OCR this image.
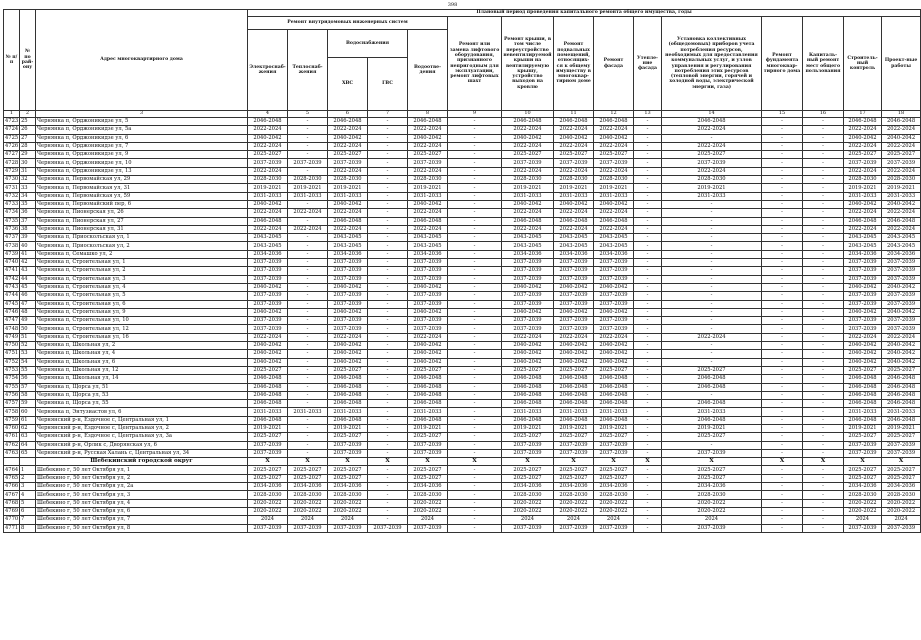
398
№ п/п	№ по рай-ону	Адрес многоквартирного дома	Плановый период проведения капитального ремонта общего имущества, годы														
			Ремонт внутридомовых инженерных систем					Ремонт или замена лифтового оборудования, признанного непригодным для эксплуатации, ремонт лифтовых шахт	Ремонт крыши, в том числе переустройство невентилируемой крыши на вентилируемую крышу, устройство выходов на кровлю	Ремонт подвальных помещений, относящих-ся к общему имуществу в многоквар-тирном доме	Ремонт фасада	Утепле-ние фасада	Установка коллективных (общедомовых) приборов учета потребления ресурсов, необходимых для предоставления коммунальных услуг, и узлов управления и регулирования потребления этих ресурсов (тепловой энергии, горячей и холодной воды, электрической энергии, газа)	Ремонт фундамента многоквар-тирного дома	Капиталь-ный ремонт мест общего пользования	Строитель-ный контроль	Проект-ные работы
			Электроснаб-жения	Теплоснаб-жения	Водоснабжения		Водоотве-дения										
					ХВС	ГВС											
1	2	3	4	5	6	7	8	9	10	11	12	13	14	15	16	17	18
4723	25	Чернянка п, Орджоникидзе ул, 5	2046-2048	-	2046-2048	-	2046-2048	-	2046-2048	2046-2048	2046-2048	-	2046-2048	-	-	2046-2048	2046-2048
4724	26	Чернянка п, Орджоникидзе ул, 5а	2022-2024	-	2022-2024	-	2022-2024	-	2022-2024	2022-2024	2022-2024	-	2022-2024	-	-	2022-2024	2022-2024
4725	27	Чернянка п, Орджоникидзе ул, 6	2040-2042	-	2040-2042	-	2040-2042	-	2040-2042	2040-2042	2040-2042	-	-	-	-	2040-2042	2040-2042
4726	28	Чернянка п, Орджоникидзе ул, 7	2022-2024	-	2022-2024	-	2022-2024	-	2022-2024	2022-2024	2022-2024	-	2022-2024	-	-	2022-2024	2022-2024
4727	29	Чернянка п, Орджоникидзе ул, 9	2025-2027	-	2025-2027	-	2025-2027	-	2025-2027	2025-2027	2025-2027	-	2025-2027	-	-	2025-2027	2025-2027
4728	30	Чернянка п, Орджоникидзе ул, 10	2037-2039	2037-2039	2037-2039	-	2037-2039	-	2037-2039	2037-2039	2037-2039	-	2037-2039	-	-	2037-2039	2037-2039
4729	31	Чернянка п, Орджоникидзе ул, 13	2022-2024	-	2022-2024	-	2022-2024	-	2022-2024	2022-2024	2022-2024	-	2022-2024	-	-	2022-2024	2022-2024
4730	32	Чернянка п, Первомайская ул, 29	2028-2030	2028-2030	2028-2030	-	2028-2030	-	2028-2030	2028-2030	2028-2030	-	2028-2030	-	-	2028-2030	2028-2030
4731	33	Чернянка п, Первомайская ул, 31	2019-2021	2019-2021	2019-2021	-	2019-2021	-	2019-2021	2019-2021	2019-2021	-	2019-2021	-	-	2019-2021	2019-2021
4732	34	Чернянка п, Первомайская ул, 59	2031-2033	2031-2033	2031-2033	-	2031-2033	-	2031-2033	2031-2033	2031-2033	-	2031-2033	-	-	2031-2033	2031-2033
4733	35	Чернянка п, Первомайский пер, 6	2040-2042	-	2040-2042	-	2040-2042	-	2040-2042	2040-2042	2040-2042	-	-	-	-	2040-2042	2040-2042
4734	36	Чернянка п, Пионерская ул, 26	2022-2024	2022-2024	2022-2024	-	2022-2024	-	2022-2024	2022-2024	2022-2024	-	-	-	-	2022-2024	2022-2024
4735	37	Чернянка п, Пионерская ул, 27	2046-2048	-	2046-2048	-	2046-2048	-	2046-2048	2046-2048	2046-2048	-	-	-	-	2046-2048	2046-2048
4736	38	Чернянка п, Пионерская ул, 31	2022-2024	2022-2024	2022-2024	-	2022-2024	-	2022-2024	2022-2024	2022-2024	-	-	-	-	2022-2024	2022-2024
4737	39	Чернянка п, Приосколъская ул, 1	2043-2045	-	2043-2045	-	2043-2045	-	2043-2045	2043-2045	2043-2045	-	-	-	-	2043-2045	2043-2045
4738	40	Чернянка п, Приосколъская ул, 2	2043-2045	-	2043-2045	-	2043-2045	-	2043-2045	2043-2045	2043-2045	-	-	-	-	2043-2045	2043-2045
4739	41	Чернянка п, Семашко ул, 2	2034-2036	-	2034-2036	-	2034-2036	-	2034-2036	2034-2036	2034-2036	-	-	-	-	2034-2036	2034-2036
4740	42	Чернянка п, Строительная ул, 1	2037-2039	-	2037-2039	-	2037-2039	-	2037-2039	2037-2039	2037-2039	-	-	-	-	2037-2039	2037-2039
4741	43	Чернянка п, Строительная ул, 2	2037-2039	-	2037-2039	-	2037-2039	-	2037-2039	2037-2039	2037-2039	-	-	-	-	2037-2039	2037-2039
4742	44	Чернянка п, Строительная ул, 3	2037-2039	-	2037-2039	-	2037-2039	-	2037-2039	2037-2039	2037-2039	-	-	-	-	2037-2039	2037-2039
4743	45	Чернянка п, Строительная ул, 4	2040-2042	-	2040-2042	-	2040-2042	-	2040-2042	2040-2042	2040-2042	-	-	-	-	2040-2042	2040-2042
4744	46	Чернянка п, Строительная ул, 5	2037-2039	-	2037-2039	-	2037-2039	-	2037-2039	2037-2039	2037-2039	-	-	-	-	2037-2039	2037-2039
4745	47	Чернянка п, Строительная ул, 6	2037-2039	-	2037-2039	-	2037-2039	-	2037-2039	2037-2039	2037-2039	-	-	-	-	2037-2039	2037-2039
4746	48	Чернянка п, Строительная ул, 9	2040-2042	-	2040-2042	-	2040-2042	-	2040-2042	2040-2042	2040-2042	-	-	-	-	2040-2042	2040-2042
4747	49	Чернянка п, Строительная ул, 10	2037-2039	-	2037-2039	-	2037-2039	-	2037-2039	2037-2039	2037-2039	-	-	-	-	2037-2039	2037-2039
4748	50	Чернянка п, Строительная ул, 12	2037-2039	-	2037-2039	-	2037-2039	-	2037-2039	2037-2039	2037-2039	-	-	-	-	2037-2039	2037-2039
4749	51	Чернянка п, Строительная ул, 16	2022-2024	-	2022-2024	-	2022-2024	-	2022-2024	2022-2024	2022-2024	-	2022-2024	-	-	2022-2024	2022-2024
4750	52	Чернянка п, Школьная ул, 2	2040-2042	-	2040-2042	-	2040-2042	-	2040-2042	2040-2042	2040-2042	-	-	-	-	2040-2042	2040-2042
4751	53	Чернянка п, Школьная ул, 4	2040-2042	-	2040-2042	-	2040-2042	-	2040-2042	2040-2042	2040-2042	-	-	-	-	2040-2042	2040-2042
4752	54	Чернянка п, Школьная ул, 6	2040-2042	-	2040-2042	-	2040-2042	-	2040-2042	2040-2042	2040-2042	-	-	-	-	2040-2042	2040-2042
4753	55	Чернянка п, Школьная ул, 12	2025-2027	-	2025-2027	-	2025-2027	-	2025-2027	2025-2027	2025-2027	-	2025-2027	-	-	2025-2027	2025-2027
4754	56	Чернянка п, Школьная ул, 14	2046-2048	-	2046-2048	-	2046-2048	-	2046-2048	2046-2048	2046-2048	-	2046-2048	-	-	2046-2048	2046-2048
4755	57	Чернянка п, Щорса ул, 51	2046-2048	-	2046-2048	-	2046-2048	-	2046-2048	2046-2048	2046-2048	-	2046-2048	-	-	2046-2048	2046-2048
4756	58	Чернянка п, Щорса ул, 53	2046-2048	-	2046-2048	-	2046-2048	-	2046-2048	2046-2048	2046-2048	-	-	-	-	2046-2048	2046-2048
4757	59	Чернянка п, Щорса ул, 55	2046-2048	-	2046-2048	-	2046-2048	-	2046-2048	2046-2048	2046-2048	-	2046-2048	-	-	2046-2048	2046-2048
4758	60	Чернянка п, Энтузиастов ул, 6	2031-2033	2031-2033	2031-2033	-	2031-2033	-	2031-2033	2031-2033	2031-2033	-	2031-2033	-	-	2031-2033	2031-2033
4759	61	Чернянский р-н, Ездочное с, Центральная ул, 1	2046-2048	-	2046-2048	-	2046-2048	-	2046-2048	2046-2048	2046-2048	-	2046-2048	-	-	2046-2048	2046-2048
4760	62	Чернянский р-н, Ездочное с, Центральная ул, 2	2019-2021	-	2019-2021	-	2019-2021	-	2019-2021	2019-2021	2019-2021	-	2019-2021	-	-	2019-2021	2019-2021
4761	63	Чернянский р-н, Ездочное с, Центральная ул, 3а	2025-2027	-	2025-2027	-	2025-2027	-	2025-2027	2025-2027	2025-2027	-	2025-2027	-	-	2025-2027	2025-2027
4762	64	Чернянский р-н, Орлик с, Дворянская ул, 6	2037-2039	-	2037-2039	-	2037-2039	-	2037-2039	2037-2039	2037-2039	-	-	-	-	2037-2039	2037-2039
4763	65	Чернянский р-н, Русская Халань с, Центральная ул, 34	2037-2039	-	2037-2039	-	2037-2039	-	2037-2039	2037-2039	2037-2039	-	2037-2039	-	-	2037-2039	2037-2039
		Шебекинский городской округ	X	X	X	X	X	X	X	X	X	X	X	X	X	X	X
4764	1	Шебекино г, 50 лет Октября ул, 1	2025-2027	2025-2027	2025-2027	-	2025-2027	-	2025-2027	2025-2027	2025-2027	-	2025-2027	-	-	2025-2027	2025-2027
4765	2	Шебекино г, 50 лет Октября ул, 2	2025-2027	2025-2027	2025-2027	-	2025-2027	-	2025-2027	2025-2027	2025-2027	-	2025-2027	-	-	2025-2027	2025-2027
4766	3	Шебекино г, 50 лет Октября ул, 2а	2034-2036	2034-2036	2034-2036	-	2034-2036	-	2034-2036	2034-2036	2034-2036	-	2034-2036	-	-	2034-2036	2034-2036
4767	4	Шебекино г, 50 лет Октября ул, 3	2028-2030	2028-2030	2028-2030	-	2028-2030	-	2028-2030	2028-2030	2028-2030	-	2028-2030	-	-	2028-2030	2028-2030
4768	5	Шебекино г, 50 лет Октября ул, 4	2020-2022	2020-2022	2020-2022	-	2020-2022	-	2020-2022	2020-2022	2020-2022	-	2020-2022	-	-	2020-2022	2020-2022
4769	6	Шебекино г, 50 лет Октября ул, 6	2020-2022	2020-2022	2020-2022	-	2020-2022	-	2020-2022	2020-2022	2020-2022	-	2020-2022	-	-	2020-2022	2020-2022
4770	7	Шебекино г, 50 лет Октября ул, 7	2024	2024	2024	-	2024	-	2024	2024	2024	-	2024	-	-	2024	2024
4771	8	Шебекино г, 50 лет Октября ул, 8	2037-2039	2037-2039	2037-2039	2037-2039	2037-2039	-	2037-2039	2037-2039	2037-2039	-	2037-2039	-	-	2037-2039	2037-2039
